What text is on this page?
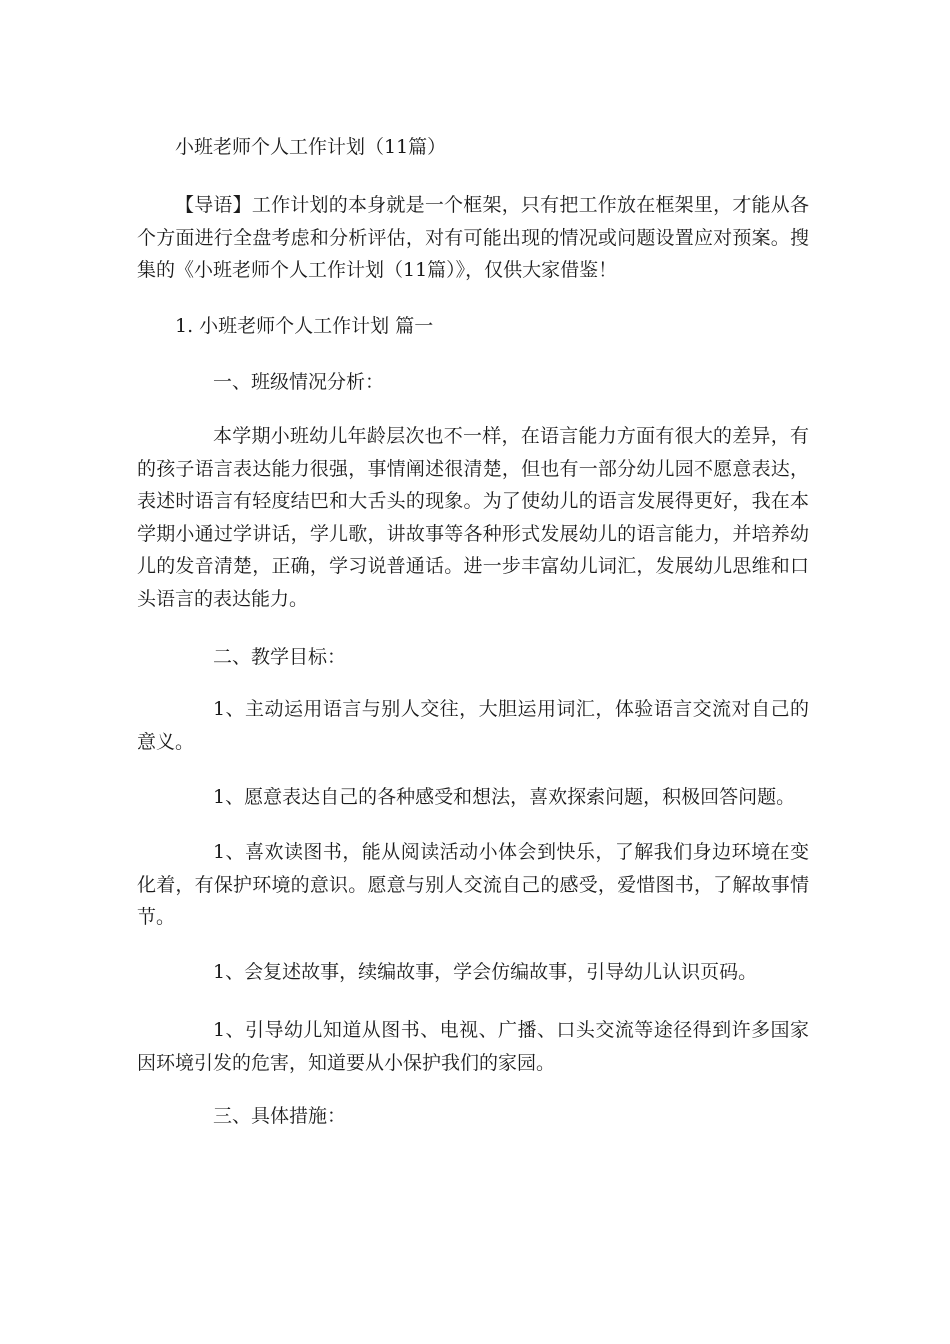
小班老师个人工作计划（11篇）
【导语】工作计划的本身就是一个框架，只有把工作放在框架里，才能从各个方面进行全盘考虑和分析评估，对有可能出现的情况或问题设置应对预案。搜集的《小班老师个人工作计划（11篇）》，仅供大家借鉴！
1. 小班老师个人工作计划 篇一
一、班级情况分析：
本学期小班幼儿年龄层次也不一样，在语言能力方面有很大的差异，有的孩子语言表达能力很强，事情阐述很清楚，但也有一部分幼儿园不愿意表达，表述时语言有轻度结巴和大舌头的现象。为了使幼儿的语言发展得更好，我在本学期小通过学讲话，学儿歌，讲故事等各种形式发展幼儿的语言能力，并培养幼儿的发音清楚，正确，学习说普通话。进一步丰富幼儿词汇，发展幼儿思维和口头语言的表达能力。
二、教学目标：
1、主动运用语言与别人交往，大胆运用词汇，体验语言交流对自己的意义。
1、愿意表达自己的各种感受和想法，喜欢探索问题，积极回答问题。
1、喜欢读图书，能从阅读活动小体会到快乐，了解我们身边环境在变化着，有保护环境的意识。愿意与别人交流自己的感受，爱惜图书，了解故事情节。
1、会复述故事，续编故事，学会仿编故事，引导幼儿认识页码。
1、引导幼儿知道从图书、电视、广播、口头交流等途径得到许多国家因环境引发的危害，知道要从小保护我们的家园。
三、具体措施：
